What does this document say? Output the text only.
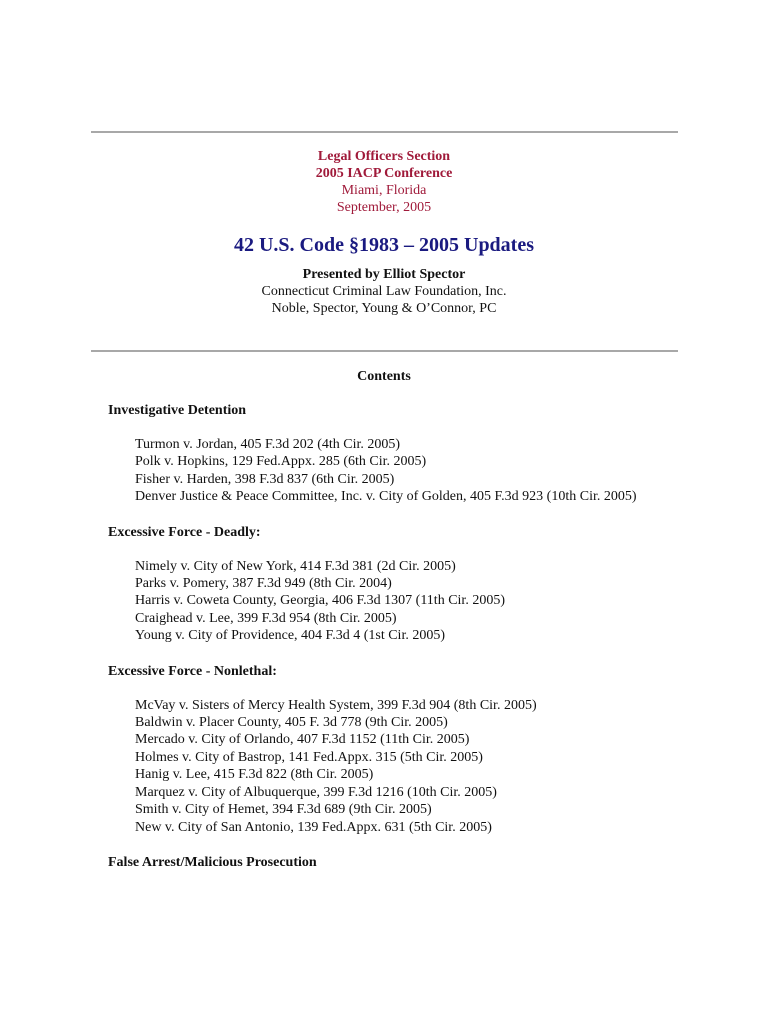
Legal Officers Section
2005 IACP Conference
Miami, Florida
September, 2005
42 U.S. Code §1983 – 2005 Updates
Presented by Elliot Spector
Connecticut Criminal Law Foundation, Inc.
Noble, Spector, Young & O’Connor, PC
Contents
Investigative Detention
Turmon v. Jordan, 405 F.3d 202 (4th Cir. 2005)
Polk v. Hopkins, 129 Fed.Appx. 285 (6th Cir. 2005)
Fisher v. Harden, 398 F.3d 837 (6th Cir. 2005)
Denver Justice & Peace Committee, Inc. v. City of Golden, 405 F.3d 923 (10th Cir. 2005)
Excessive Force - Deadly:
Nimely v. City of New York, 414 F.3d 381 (2d Cir. 2005)
Parks v. Pomery, 387 F.3d 949 (8th Cir. 2004)
Harris v. Coweta County, Georgia, 406 F.3d 1307 (11th Cir. 2005)
Craighead v. Lee, 399 F.3d 954 (8th Cir. 2005)
Young v. City of Providence, 404 F.3d 4 (1st Cir. 2005)
Excessive Force - Nonlethal:
McVay v. Sisters of Mercy Health System, 399 F.3d 904 (8th Cir. 2005)
Baldwin v. Placer County, 405 F. 3d 778 (9th Cir. 2005)
Mercado v. City of Orlando, 407 F.3d 1152 (11th Cir. 2005)
Holmes v. City of Bastrop, 141 Fed.Appx. 315 (5th Cir. 2005)
Hanig v. Lee, 415 F.3d 822 (8th Cir. 2005)
Marquez v. City of Albuquerque, 399 F.3d 1216 (10th Cir. 2005)
Smith v. City of Hemet, 394 F.3d 689 (9th Cir. 2005)
New v. City of San Antonio, 139 Fed.Appx. 631 (5th Cir. 2005)
False Arrest/Malicious Prosecution
